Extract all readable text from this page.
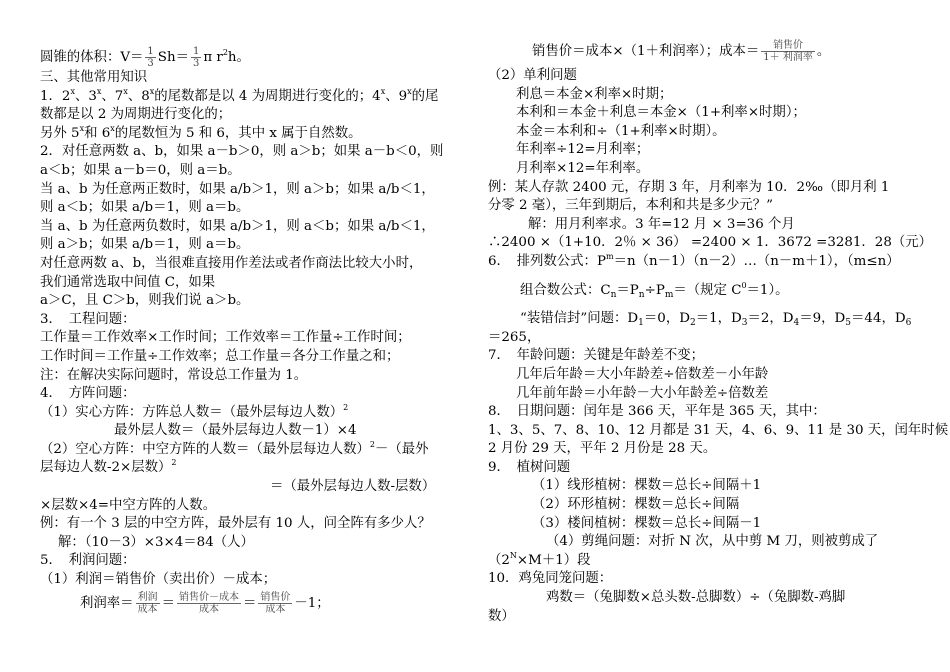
圆锥的体积：$V= \frac{1}{3} Sh= \frac{1}{3}$ π $r^2h$。
三、其他常用知识
1．2$^x$、3$^x$、7$^x$、8$^x$的尾数都是以 4 为周期进行变化的；4$^x$、9$^x$的尾
数都是以 2 为周期进行变化的；
另外 5$^x$和 6$^x$的尾数恒为 5 和 6，其中 x 属于自然数。
2．对任意两数 a、b，如果 a－b＞0，则 a＞b；如果 a－b＜0，则
a＜b；如果 a－b＝0，则 a＝b。
当 a、b 为任意两正数时，如果 a/b＞1，则 a＞b；如果 a/b＜1，
则 a＜b；如果 a/b＝1，则 a＝b。
当 a、b 为任意两负数时，如果 a/b＞1，则 a＜b；如果 a/b＜1，
则 a＞b；如果 a/b＝1，则 a＝b。
对任意两数 a、b，当很难直接用作差法或者作商法比较大小时，
我们通常选取中间值 C，如果
a＞C，且 C＞b，则我们说 a＞b。
3．　工程问题：
工作量＝工作效率×工作时间；工作效率＝工作量÷工作时间；
工作时间＝工作量÷工作效率；总工作量＝各分工作量之和；
注：在解决实际问题时，常设总工作量为 1。
4．　方阵问题：
（1）实心方阵：方阵总人数＝（最外层每边人数）$^2$
最外层人数＝（最外层每边人数－1）×4
（2）空心方阵：中空方阵的人数＝（最外层每边人数）$^2$－（最外
层每边人数-2×层数）$^2$
＝（最外层每边人数-层数）
×层数×4=中空方阵的人数。
例：有一个 3 层的中空方阵，最外层有 10 人，问全阵有多少人？
解：（10－3）×3×4＝84（人）
5．　利润问题：
（1）利润＝销售价（卖出价）－成本；
利润率＝ $\frac{\text{利润}}{\text{成本}} = \frac{\text{销售价－成本}}{\text{成本}} = \frac{\text{销售价}}{\text{成本}} -1$；
销售价＝成本×（1＋利润率）；成本＝ $\frac{\text{销售价}}{\text{1＋ 利润率}}$ 。
（2）单利问题
利息＝本金×利率×时期；
本利和＝本金＋利息＝本金×（1+利率×时期）；
本金＝本利和÷（1+利率×时期）。
年利率÷12=月利率；
月利率×12=年利率。
例：某人存款 2400 元，存期 3 年，月利率为 10．2‰（即月利 1
分零 2 毫），三年到期后，本利和共是多少元？”
解：用月利率求。3 年=12 月 × 3=36 个月
∴2400 ×（1+10．2％ × 36） =2400 × 1．3672 =3281．28（元）
6．　排列数公式：$P^m=n(n-1)(n-2)\dots(n-m+1)$，（m≤n）
组合数公式：$C_n=P_n\div P_m=$（规定 $C^0=1$）。
“装错信封”问题：$D_1=0$，$D_2=1$，$D_3=2$，$D_4=9$，$D_5=44$，$D_6$
＝265，
7．　年龄问题：关键是年龄差不变；
几年后年龄＝大小年龄差÷倍数差－小年龄
几年前年龄＝小年龄－大小年龄差÷倍数差
8．　日期问题：闰年是 366 天，平年是 365 天，其中：
1、3、5、7、8、10、12 月都是 31 天，4、6、9、11 是 30 天，闰年时候
2 月份 29 天，平年 2 月份是 28 天。
9．　植树问题
（1）线形植树：棵数＝总长÷间隔＋1
（2）环形植树：棵数＝总长÷间隔
（3）楼间植树：棵数＝总长÷间隔－1
（4）剪绳问题：对折 N 次，从中剪 M 刀，则被剪成了
$(2^N\times M+1)$段
10．鸡兔同笼问题：
鸡数＝（兔脚数×总头数-总脚数）÷（兔脚数-鸡脚
数）
